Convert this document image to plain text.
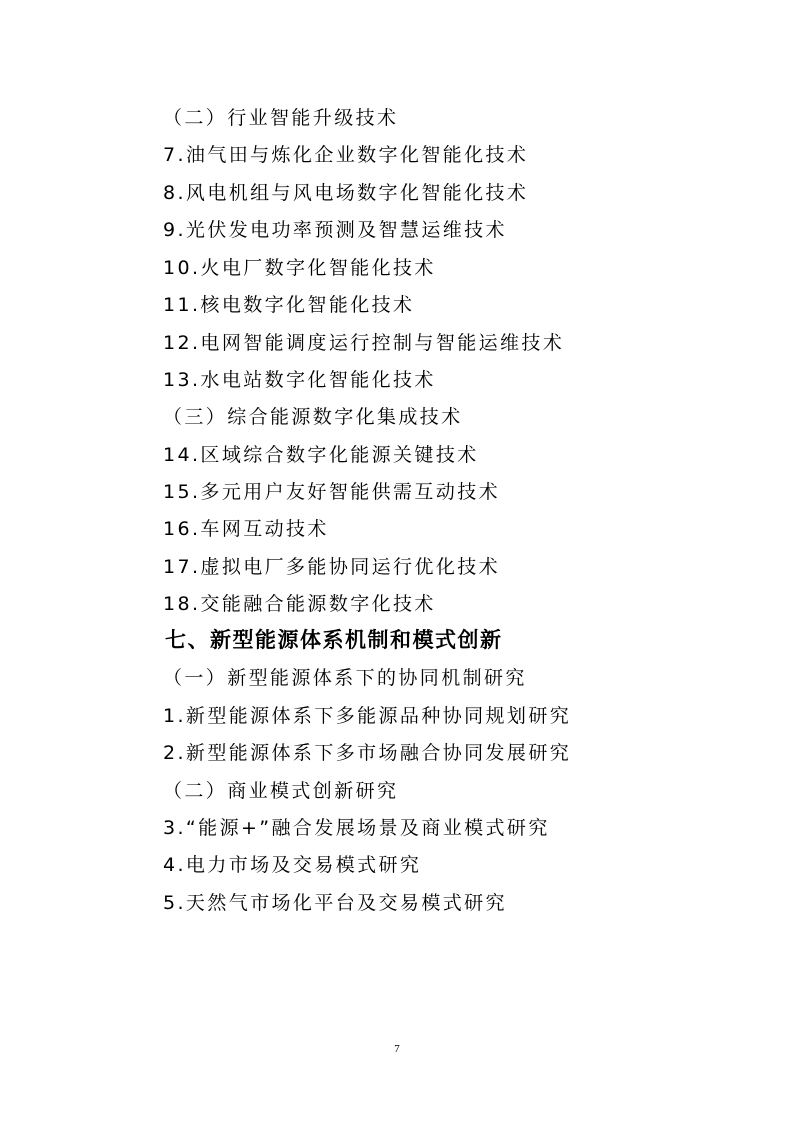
（二）行业智能升级技术
7.油气田与炼化企业数字化智能化技术
8.风电机组与风电场数字化智能化技术
9.光伏发电功率预测及智慧运维技术
10.火电厂数字化智能化技术
11.核电数字化智能化技术
12.电网智能调度运行控制与智能运维技术
13.水电站数字化智能化技术
（三）综合能源数字化集成技术
14.区域综合数字化能源关键技术
15.多元用户友好智能供需互动技术
16.车网互动技术
17.虚拟电厂多能协同运行优化技术
18.交能融合能源数字化技术
七、新型能源体系机制和模式创新
（一）新型能源体系下的协同机制研究
1.新型能源体系下多能源品种协同规划研究
2.新型能源体系下多市场融合协同发展研究
（二）商业模式创新研究
3.“能源+”融合发展场景及商业模式研究
4.电力市场及交易模式研究
5.天然气市场化平台及交易模式研究
7
